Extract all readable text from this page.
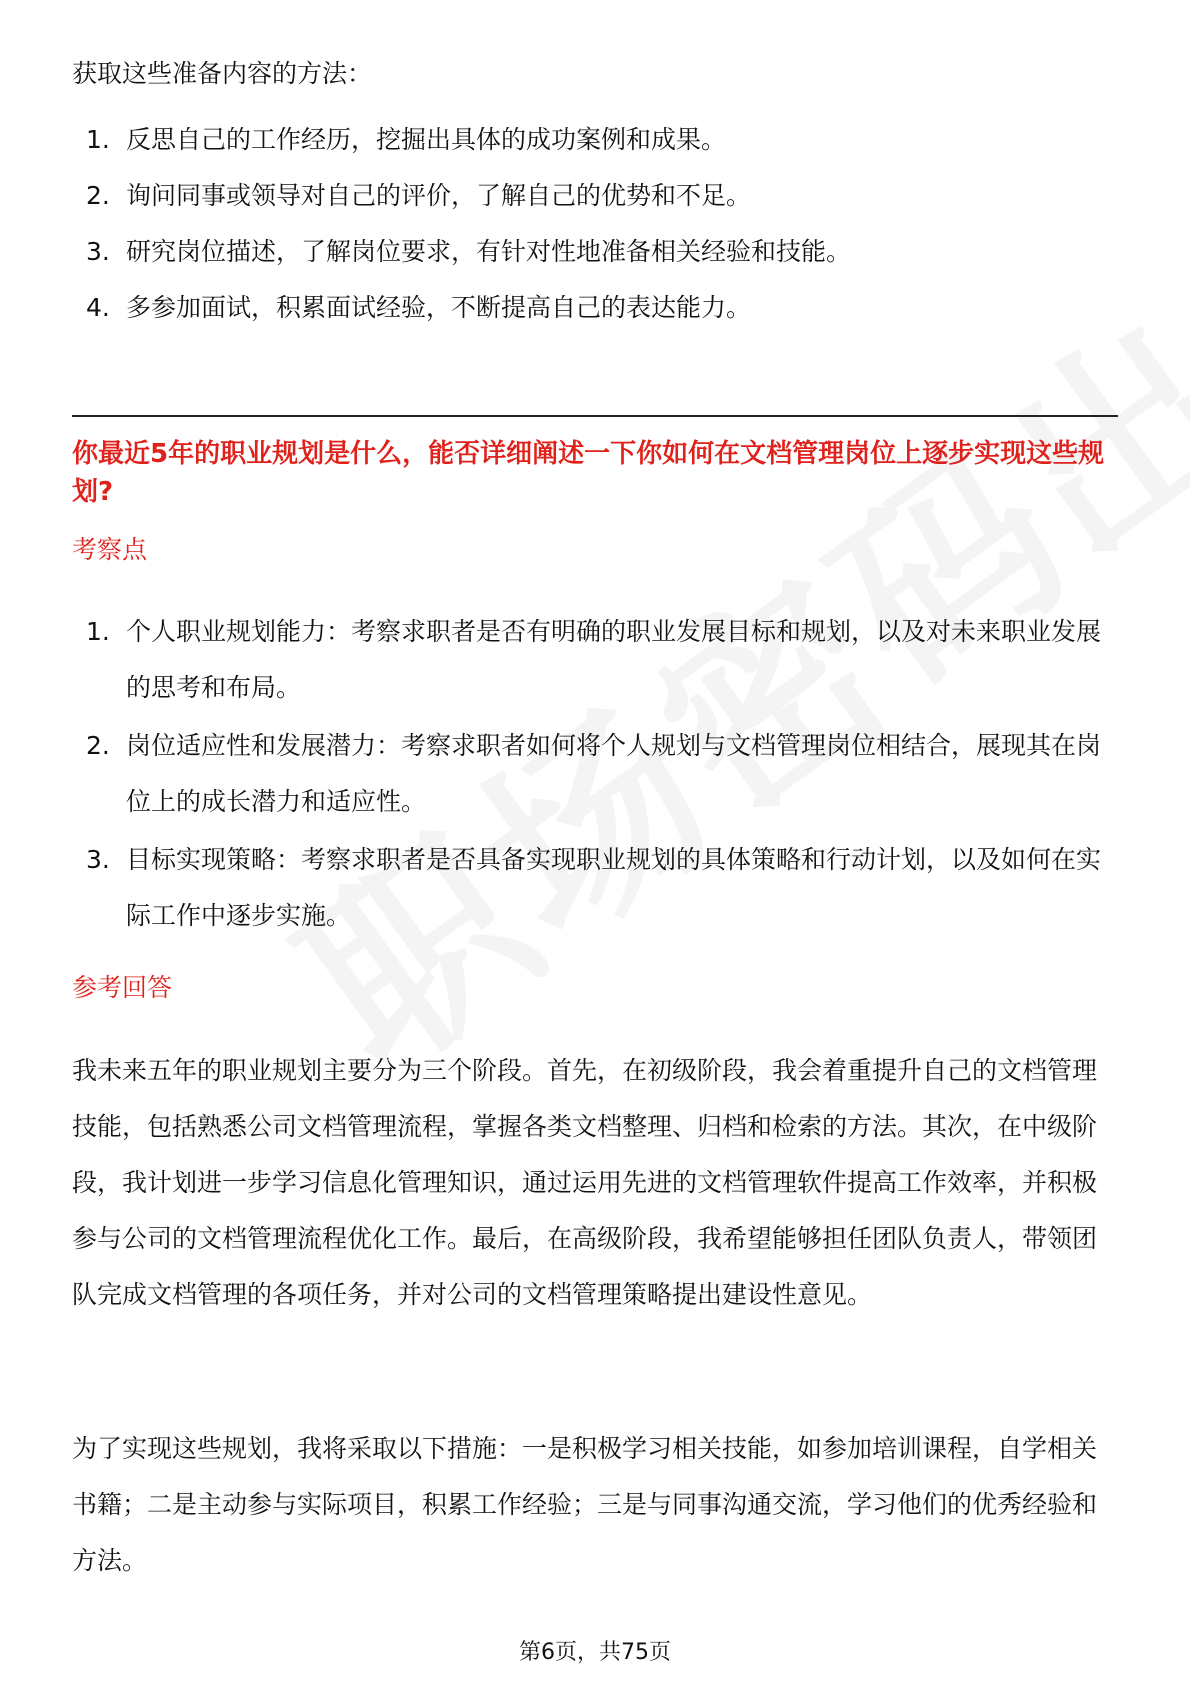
获取这些准备内容的方法：

1. 反思自己的工作经历，挖掘出具体的成功案例和成果。
2. 询问同事或领导对自己的评价，了解自己的优势和不足。
3. 研究岗位描述，了解岗位要求，有针对性地准备相关经验和技能。
4. 多参加面试，积累面试经验，不断提高自己的表达能力。
你最近5年的职业规划是什么，能否详细阐述一下你如何在文档管理岗位上逐步实现这些规划?
考察点
1. 个人职业规划能力：考察求职者是否有明确的职业发展目标和规划，以及对未来职业发展的思考和布局。
2. 岗位适应性和发展潜力：考察求职者如何将个人规划与文档管理岗位相结合，展现其在岗位上的成长潜力和适应性。
3. 目标实现策略：考察求职者是否具备实现职业规划的具体策略和行动计划，以及如何在实际工作中逐步实施。
参考回答

我未来五年的职业规划主要分为三个阶段。首先，在初级阶段，我会着重提升自己的文档管理技能，包括熟悉公司文档管理流程，掌握各类文档整理、归档和检索的方法。其次，在中级阶段，我计划进一步学习信息化管理知识，通过运用先进的文档管理软件提高工作效率，并积极参与公司的文档管理流程优化工作。最后，在高级阶段，我希望能够担任团队负责人，带领团队完成文档管理的各项任务，并对公司的文档管理策略提出建设性意见。

为了实现这些规划，我将采取以下措施：一是积极学习相关技能，如参加培训课程，自学相关书籍；二是主动参与实际项目，积累工作经验；三是与同事沟通交流，学习他们的优秀经验和方法。

第6页，共75页
